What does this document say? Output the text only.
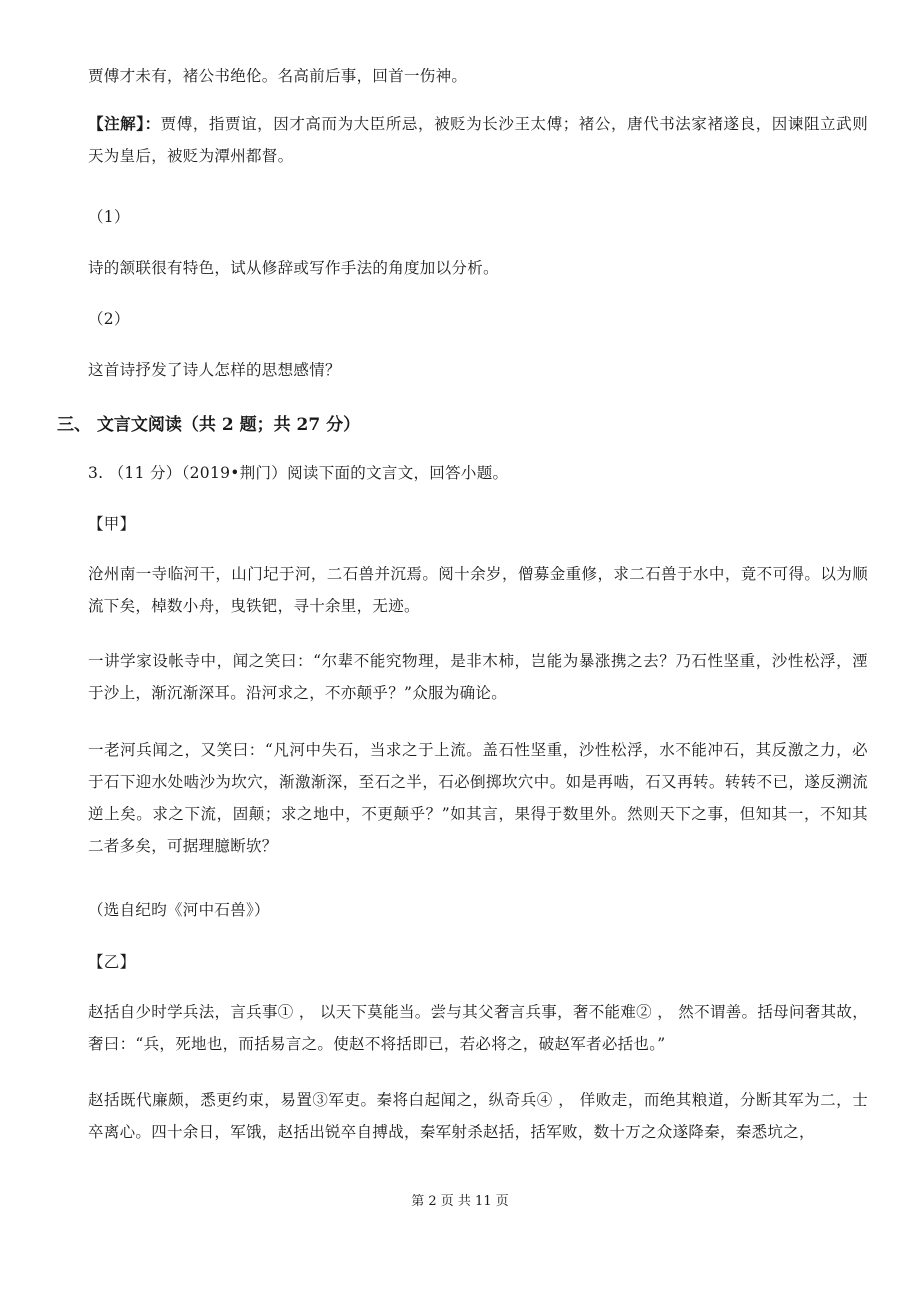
贾傅才未有，褚公书绝伦。名高前后事，回首一伤神。
【注解】：贾傅，指贾谊，因才高而为大臣所忌，被贬为长沙王太傅；褚公，唐代书法家褚遂良，因谏阻立武则天为皇后，被贬为潭州都督。
（1）
诗的颔联很有特色，试从修辞或写作手法的角度加以分析。
（2）
这首诗抒发了诗人怎样的思想感情？
三、 文言文阅读（共 2 题；共 27 分）
3. （11 分）（2019•荆门）阅读下面的文言文，回答小题。
【甲】
沧州南一寺临河干，山门圮于河，二石兽并沉焉。阅十余岁，僧募金重修，求二石兽于水中，竟不可得。以为顺流下矣，棹数小舟，曳铁钯，寻十余里，无迹。
一讲学家设帐寺中，闻之笑曰：“尔辈不能究物理，是非木柿，岂能为暴涨携之去？乃石性坚重，沙性松浮，湮于沙上，渐沉渐深耳。沿河求之，不亦颠乎？”众服为确论。
一老河兵闻之，又笑曰：“凡河中失石，当求之于上流。盖石性坚重，沙性松浮，水不能冲石，其反激之力，必于石下迎水处啮沙为坎穴，渐激渐深，至石之半，石必倒掷坎穴中。如是再啮，石又再转。转转不已，遂反溯流逆上矣。求之下流，固颠；求之地中，不更颠乎？”如其言，果得于数里外。然则天下之事，但知其一，不知其二者多矣，可据理臆断欤？
（选自纪昀《河中石兽》）
【乙】
赵括自少时学兵法，言兵事① ， 以天下莫能当。尝与其父奢言兵事，奢不能难② ， 然不谓善。括母问奢其故，奢曰：“兵，死地也，而括易言之。使赵不将括即已，若必将之，破赵军者必括也。”
赵括既代廉颇，悉更约束，易置③军吏。秦将白起闻之，纵奇兵④ ， 佯败走，而绝其粮道，分断其军为二，士卒离心。四十余日，军饿，赵括出锐卒自搏战，秦军射杀赵括，括军败，数十万之众遂降秦，秦悉坑之，
第 2 页 共 11 页
